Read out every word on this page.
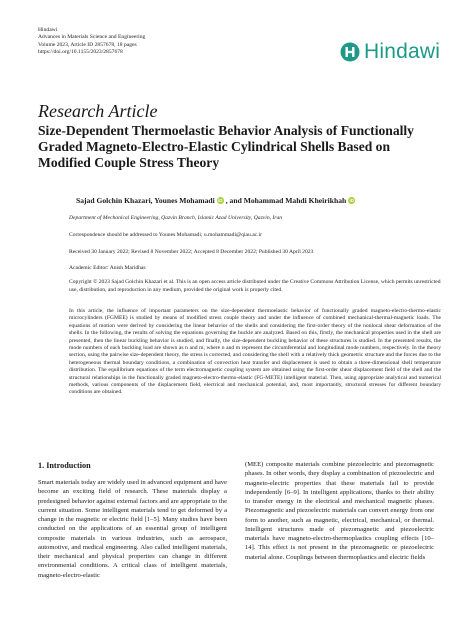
Hindawi
Advances in Materials Science and Engineering
Volume 2023, Article ID 2857678, 18 pages
https://doi.org/10.1155/2023/2857678	Hindawi
Research Article
Size-Dependent Thermoelastic Behavior Analysis of Functionally Graded Magneto-Electro-Elastic Cylindrical Shells Based on Modified Couple Stress Theory
Sajad Golchin Khazari, Younes Mohamadi iD , and Mohammad Mahdi Kheirikhah iD
Department of Mechanical Engineering, Qazvin Branch, Islamic Azad University, Qazvin, Iran
Correspondence should be addressed to Younes Mohamadi; u.mohammadi@qiau.ac.ir
Received 30 January 2022; Revised 8 November 2022; Accepted 8 December 2022; Published 30 April 2023
Academic Editor: Anish Maridhas
Copyright © 2023 Sajad Golchin Khazari et al. This is an open access article distributed under the Creative Commons Attribution License, which permits unrestricted use, distribution, and reproduction in any medium, provided the original work is properly cited.

In this article, the influence of important parameters on the size-dependent thermoelastic behavior of functionally graded magneto-electro-thermo-elastic microcylinders (FGMEE) is studied by means of modified stress couple theory and under the influence of combined mechanical-thermal-magnetic loads. The equations of motion were derived by considering the linear behavior of the shells and considering the first-order theory of the nonlocal shear deformation of the shells. In the following, the results of solving the equations governing the buckle are analyzed. Based on this, firstly, the mechanical properties used in the shell are presented, then the linear buckling behavior is studied, and finally, the size-dependent buckling behavior of these structures is studied. In the presented results, the mode numbers of each buckling load are shown as n and m, where n and m represent the circumferential and longitudinal mode numbers, respectively. In the theory section, using the pairwise size-dependent theory, the stress is corrected, and considering the shell with a relatively thick geometric structure and the forces due to the heterogeneous thermal boundary conditions, a combination of convection heat transfer and displacement is used to obtain a three-dimensional shell temperature distribution. The equilibrium equations of the term electromagnetic coupling system are obtained using the first-order shear displacement field of the shell and the structural relationships in the functionally graded magneto-electro-thermo-elastic (FG-METE) intelligent material. Then, using appropriate analytical and numerical methods, various components of the displacement field, electrical and mechanical potential, and, most importantly, structural stresses for different boundary conditions are obtained.

1. Introduction

Smart materials today are widely used in advanced equipment and have become an exciting field of research. These materials display a predesigned behavior against external factors and are appropriate to the current situation. Some intelligent materials tend to get deformed by a change in the magnetic or electric field [1–5]. Many studies have been conducted on the applications of an essential group of intelligent composite materials in various industries, such as aerospace, automotive, and medical engineering. Also called intelligent materials, their mechanical and physical properties can change in different environmental conditions. A critical class of intelligent materials, magneto-electro-elastic

(MEE) composite materials combine piezoelectric and piezomagnetic phases. In other words, they display a combination of piezoelectric and magneto-electric properties that these materials fail to provide independently [6–9]. In intelligent applications, thanks to their ability to transfer energy in the electrical and mechanical magnetic phases. Piezomagnetic and piezoelectric materials can convert energy from one form to another, such as magnetic, electrical, mechanical, or thermal. Intelligent structures made of piezomagnetic and piezoelectric materials have magneto-electro-thermoplastics coupling effects [10–14]. This effect is not present in the piezomagnetic or piezoelectric material alone. Couplings between thermoplastics and electric fields
